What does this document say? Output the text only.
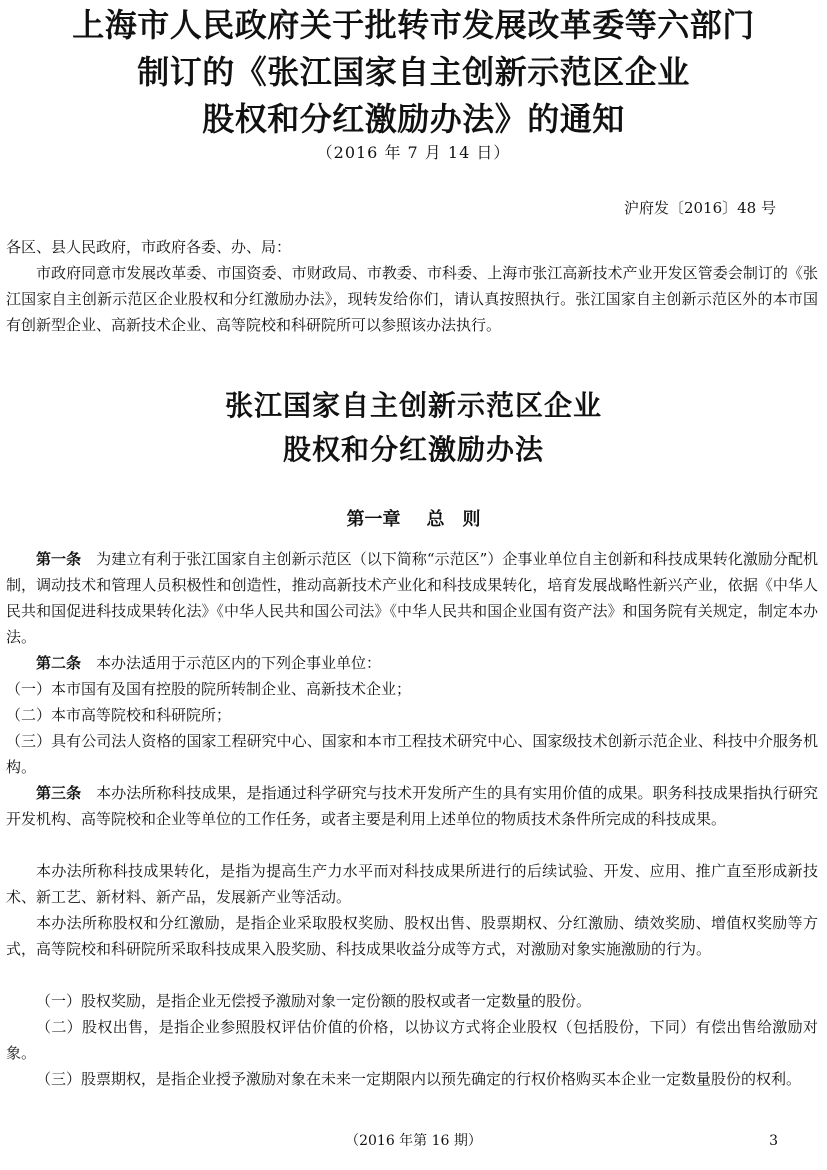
上海市人民政府关于批转市发展改革委等六部门
制订的《张江国家自主创新示范区企业
股权和分红激励办法》的通知
（2016 年 7 月 14 日）
沪府发〔2016〕48 号

各区、县人民政府，市政府各委、办、局：

市政府同意市发展改革委、市国资委、市财政局、市教委、市科委、上海市张江高新技术产业开发区管委会制订的《张江国家自主创新示范区企业股权和分红激励办法》，现转发给你们，请认真按照执行。张江国家自主创新示范区外的本市国有创新型企业、高新技术企业、高等院校和科研院所可以参照该办法执行。

张江国家自主创新示范区企业
股权和分红激励办法
第一章 总　则

第一条　 为建立有利于张江国家自主创新示范区（以下简称“示范区”）企事业单位自主创新和科技成果转化激励分配机制，调动技术和管理人员积极性和创造性，推动高新技术产业化和科技成果转化，培育发展战略性新兴产业，依据《中华人民共和国促进科技成果转化法》《中华人民共和国公司法》《中华人民共和国企业国有资产法》和国务院有关规定，制定本办法。

第二条　 本办法适用于示范区内的下列企事业单位：

（一）本市国有及国有控股的院所转制企业、高新技术企业；

（二）本市高等院校和科研院所；

（三）具有公司法人资格的国家工程研究中心、国家和本市工程技术研究中心、国家级技术创新示范企业、科技中介服务机构。

第三条　 本办法所称科技成果，是指通过科学研究与技术开发所产生的具有实用价值的成果。职务科技成果指执行研究开发机构、高等院校和企业等单位的工作任务，或者主要是利用上述单位的物质技术条件所完成的科技成果。

本办法所称科技成果转化，是指为提高生产力水平而对科技成果所进行的后续试验、开发、应用、推广直至形成新技术、新工艺、新材料、新产品，发展新产业等活动。

本办法所称股权和分红激励，是指企业采取股权奖励、股权出售、股票期权、分红激励、绩效奖励、增值权奖励等方式，高等院校和科研院所采取科技成果入股奖励、科技成果收益分成等方式，对激励对象实施激励的行为。

（一）股权奖励，是指企业无偿授予激励对象一定份额的股权或者一定数量的股份。

（二）股权出售，是指企业参照股权评估价值的价格，以协议方式将企业股权（包括股份，下同）有偿出售给激励对象。

（三）股票期权，是指企业授予激励对象在未来一定期限内以预先确定的行权价格购买本企业一定数量股份的权利。

（2016 年第 16 期）	3
